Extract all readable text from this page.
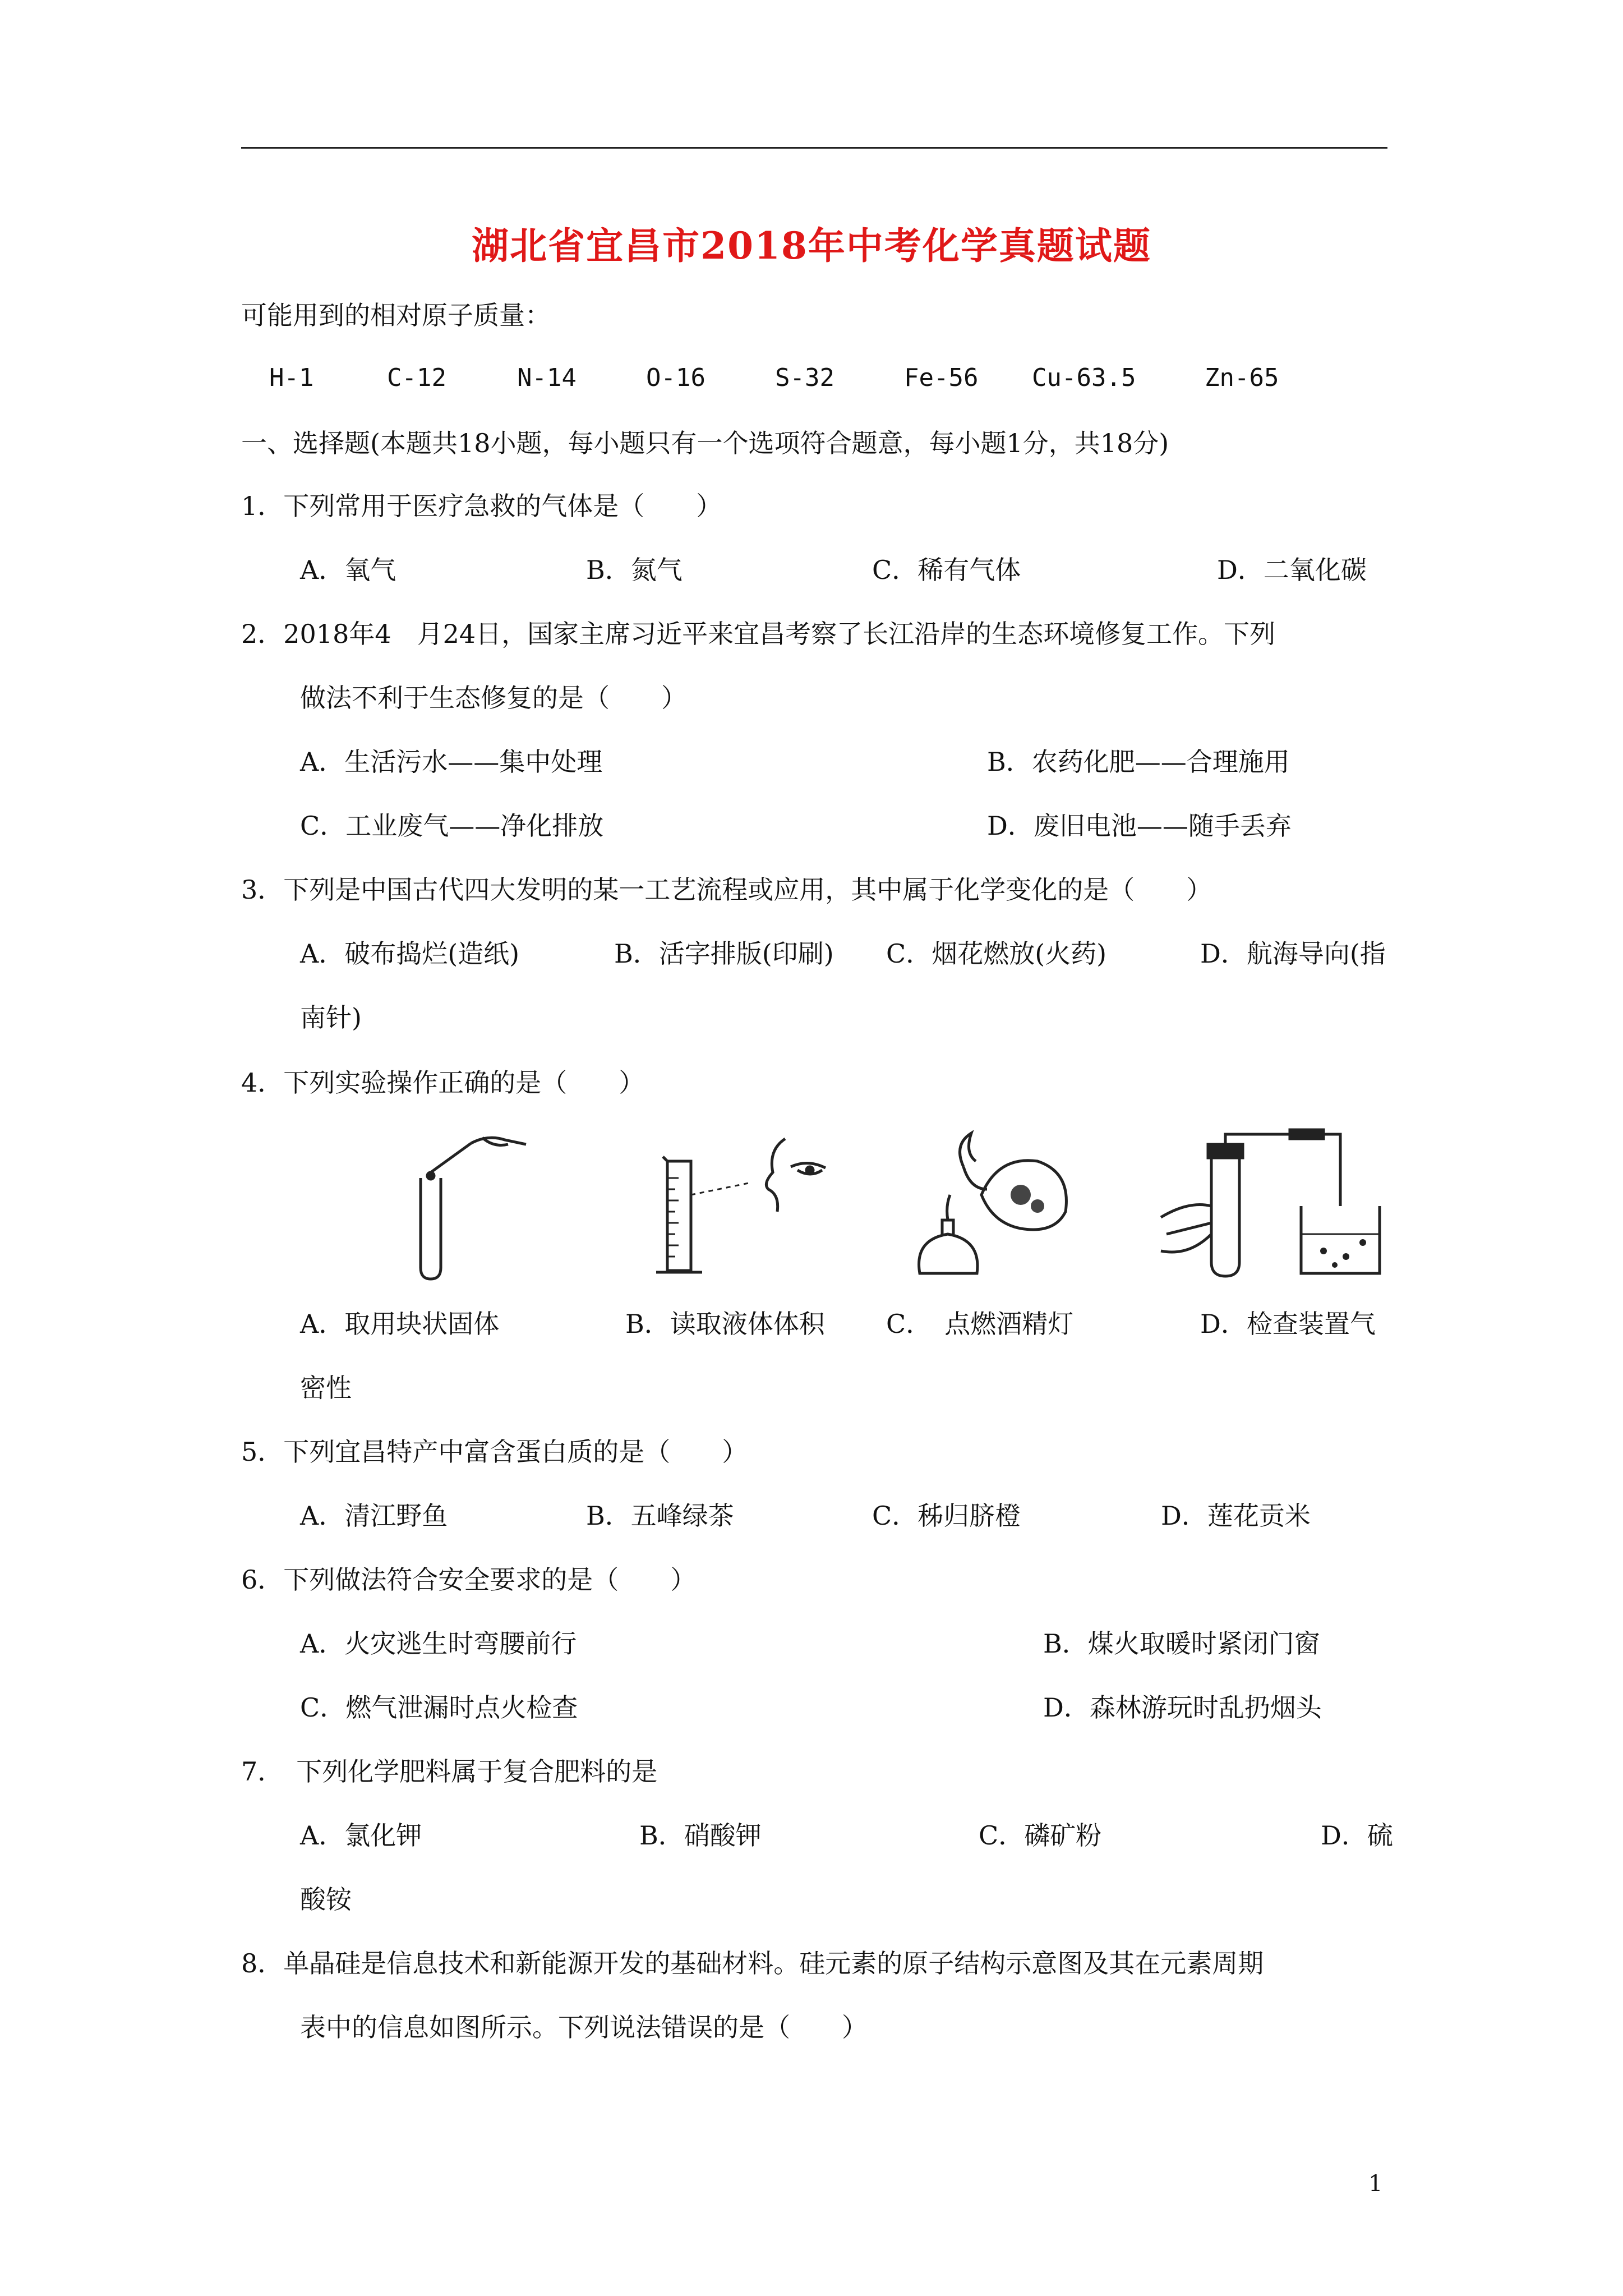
湖北省宜昌市2018年中考化学真题试题
可能用到的相对原子质量：
H-1	C-12	N-14	O-16	S-32	Fe-56 Cu-63.5	Zn-65
一、选择题(本题共18小题，每小题只有一个选项符合题意，每小题1分，共18分)
1．下列常用于医疗急救的气体是（　　）
A．氧气	B．氮气	C．稀有气体	D．二氧化碳
2．2018年4　月24日，国家主席习近平来宜昌考察了长江沿岸的生态环境修复工作。下列
做法不利于生态修复的是（　　）
A．生活污水——集中处理	B．农药化肥——合理施用
C．工业废气——净化排放	D．废旧电池——随手丢弃
3．下列是中国古代四大发明的某一工艺流程或应用，其中属于化学变化的是（　　）
A．破布捣烂(造纸)	B．活字排版(印刷) C．烟花燃放(火药)	D．航海导向(指
南针)
4．下列实验操作正确的是（　　）
A．取用块状固体	B．读取液体体积 C．　点燃酒精灯	D．检查装置气
密性
5．下列宜昌特产中富含蛋白质的是（　　）
A．清江野鱼	B．五峰绿茶	C．秭归脐橙	D．莲花贡米
6．下列做法符合安全要求的是（　　）
A．火灾逃生时弯腰前行	B．煤火取暖时紧闭门窗
C．燃气泄漏时点火检查	D．森林游玩时乱扔烟头
7．　下列化学肥料属于复合肥料的是
A．氯化钾	B．硝酸钾	C．磷矿粉	D．硫
酸铵
8．单晶硅是信息技术和新能源开发的基础材料。硅元素的原子结构示意图及其在元素周期
表中的信息如图所示。下列说法错误的是（　　）
1
